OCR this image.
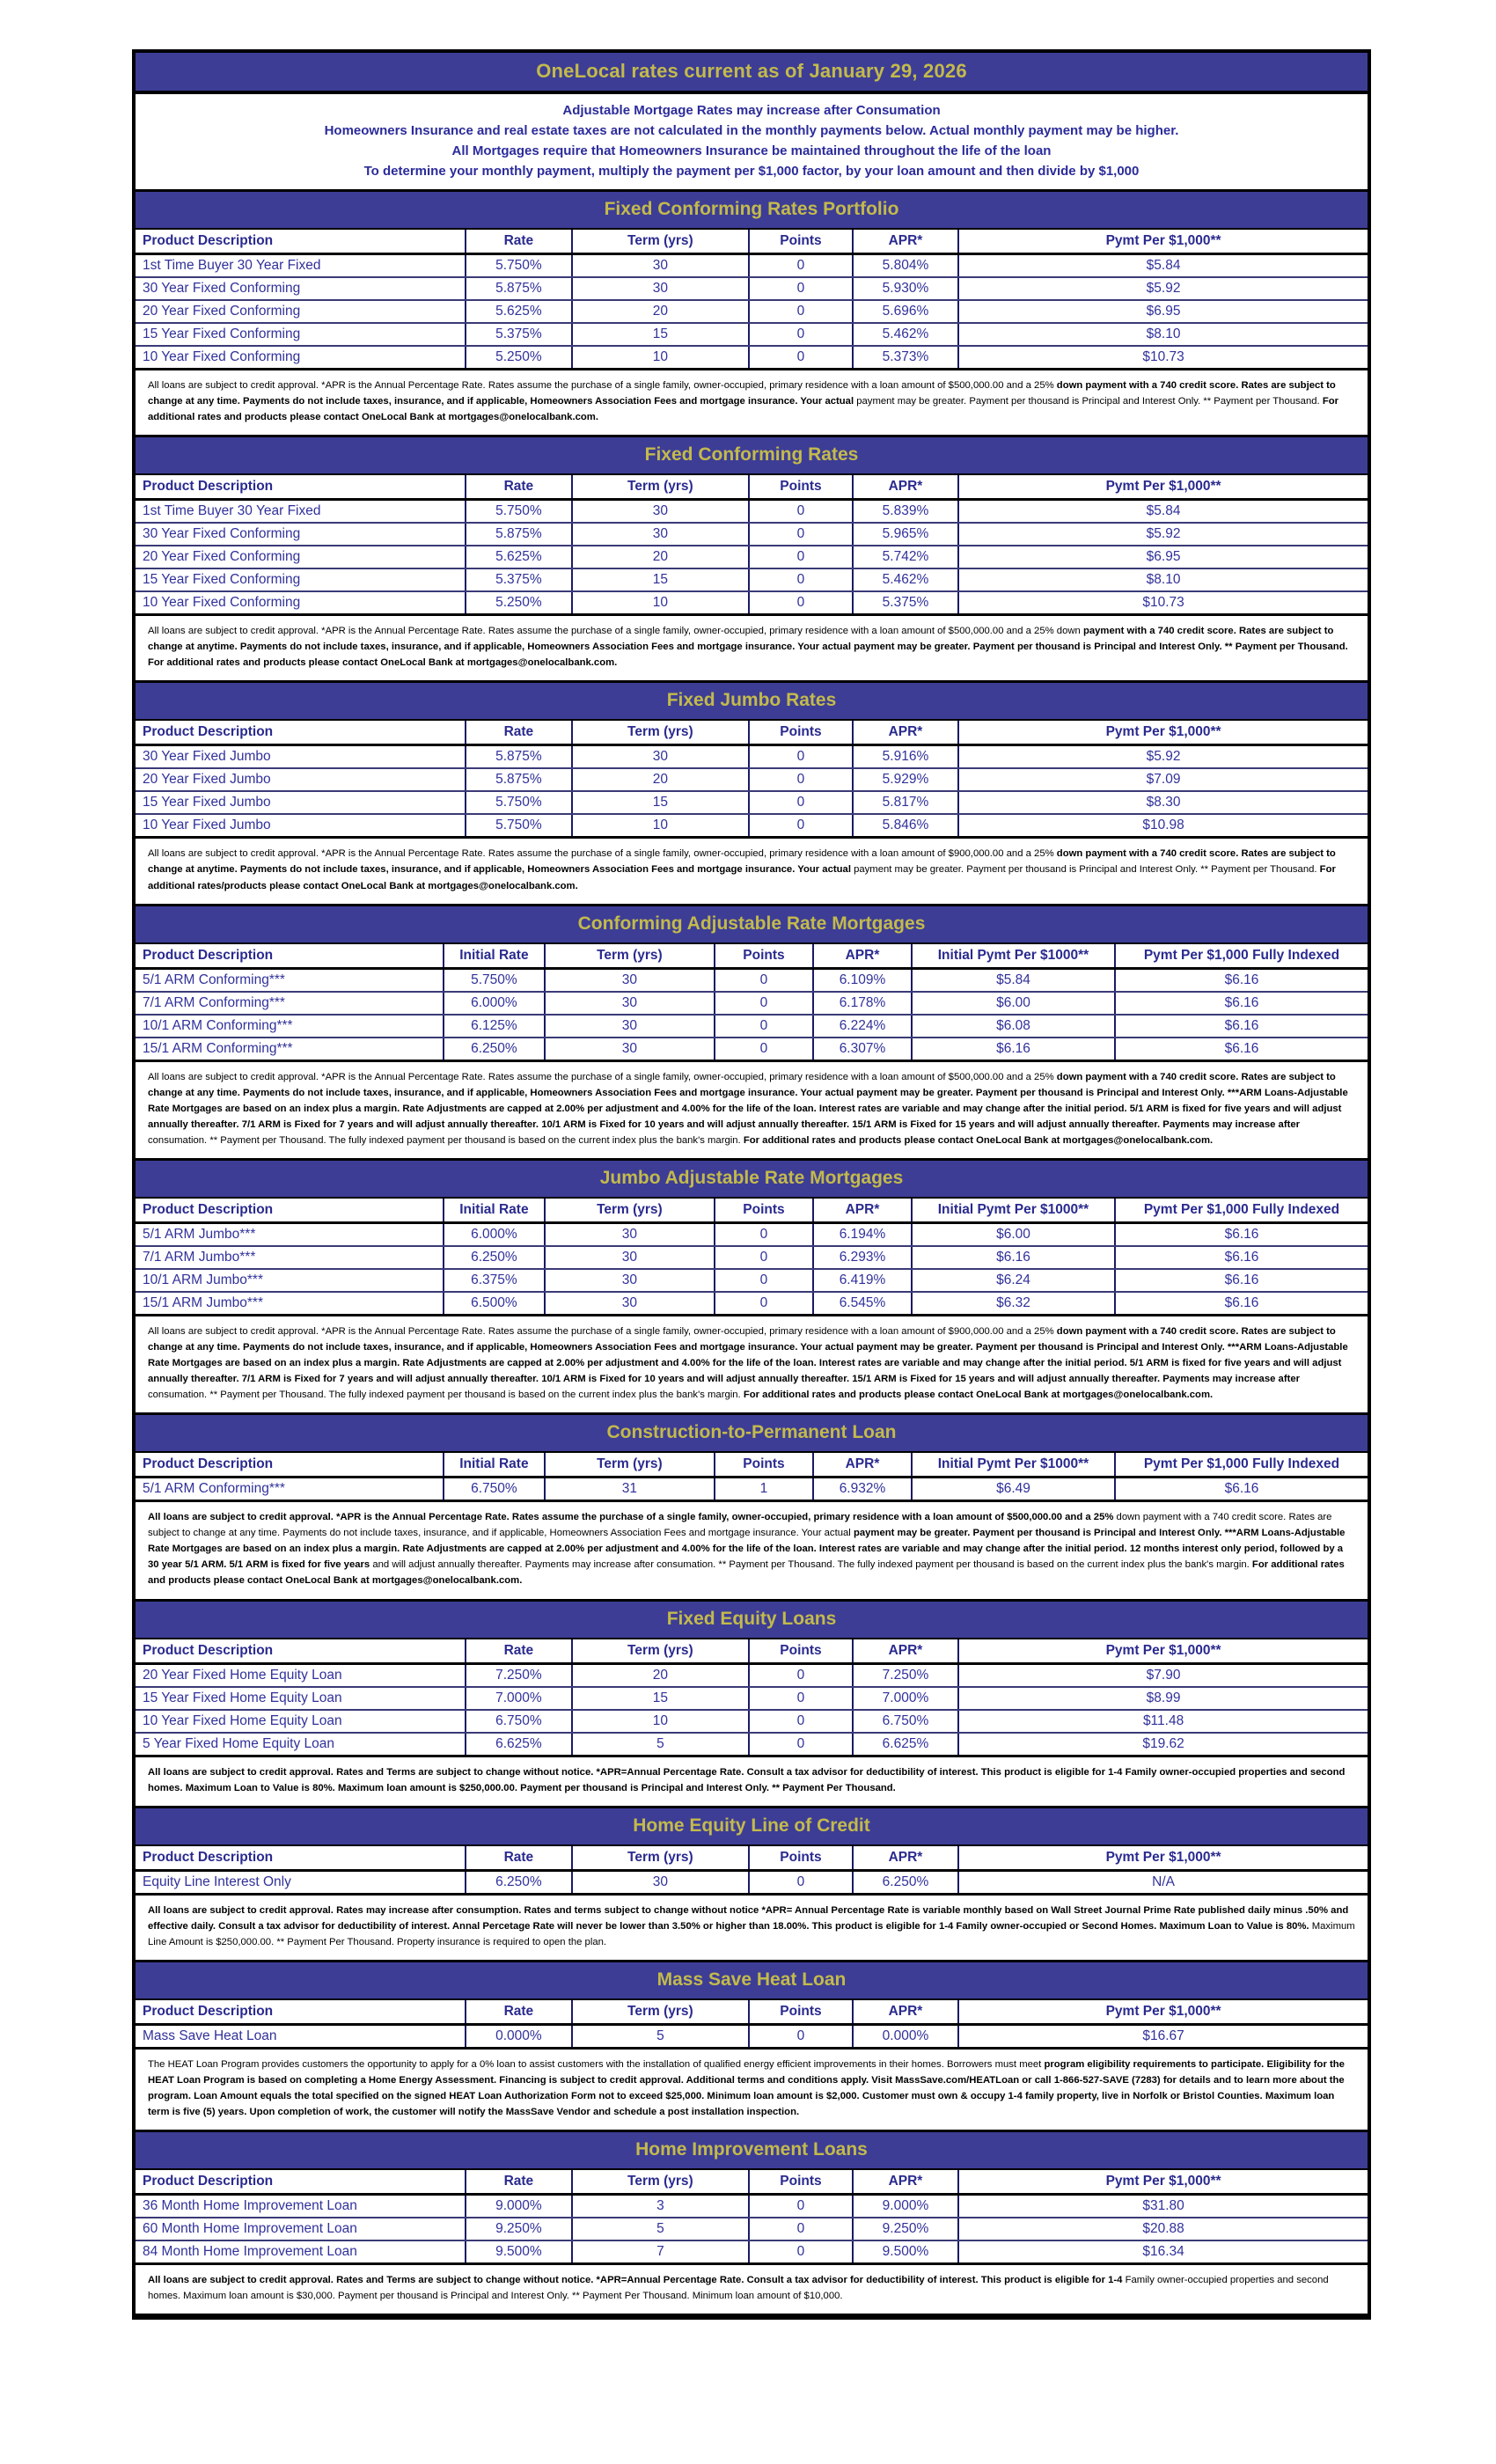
OneLocal rates current as of January 29, 2026
Adjustable Mortgage Rates may increase after Consumation
Homeowners Insurance and real estate taxes are not calculated in the monthly payments below. Actual monthly payment may be higher.
All Mortgages require that Homeowners Insurance be maintained throughout the life of the loan
To determine your monthly payment, multiply the payment per $1,000 factor, by your loan amount and then divide by $1,000
Fixed Conforming Rates Portfolio
Product Description	Rate	Term (yrs)	Points	APR*	Pymt Per $1,000**
1st Time Buyer 30 Year Fixed	5.750%	30	0	5.804%	$5.84
30 Year Fixed Conforming	5.875%	30	0	5.930%	$5.92
20 Year Fixed Conforming	5.625%	20	0	5.696%	$6.95
15 Year Fixed Conforming	5.375%	15	0	5.462%	$8.10
10 Year Fixed Conforming	5.250%	10	0	5.373%	$10.73
All loans are subject to credit approval. *APR is the Annual Percentage Rate. Rates assume the purchase of a single family, owner-occupied, primary residence with a loan amount of $500,000.00 and a 25% down payment with a 740 credit score. Rates are subject to change at any time. Payments do not include taxes, insurance, and if applicable, Homeowners Association Fees and mortgage insurance. Your actual payment may be greater. Payment per thousand is Principal and Interest Only. ** Payment per Thousand. For additional rates and products please contact OneLocal Bank at mortgages@onelocalbank.com.
Fixed Conforming Rates
Product Description	Rate	Term (yrs)	Points	APR*	Pymt Per $1,000**
1st Time Buyer 30 Year Fixed	5.750%	30	0	5.839%	$5.84
30 Year Fixed Conforming	5.875%	30	0	5.965%	$5.92
20 Year Fixed Conforming	5.625%	20	0	5.742%	$6.95
15 Year Fixed Conforming	5.375%	15	0	5.462%	$8.10
10 Year Fixed Conforming	5.250%	10	0	5.375%	$10.73
All loans are subject to credit approval. *APR is the Annual Percentage Rate. Rates assume the purchase of a single family, owner-occupied, primary residence with a loan amount of $500,000.00 and a 25% down payment with a 740 credit score. Rates are subject to change at anytime. Payments do not include taxes, insurance, and if applicable, Homeowners Association Fees and mortgage insurance. Your actual payment may be greater. Payment per thousand is Principal and Interest Only. ** Payment per Thousand. For additional rates and products please contact OneLocal Bank at mortgages@onelocalbank.com.
Fixed Jumbo Rates
Product Description	Rate	Term (yrs)	Points	APR*	Pymt Per $1,000**
30 Year Fixed Jumbo	5.875%	30	0	5.916%	$5.92
20 Year Fixed Jumbo	5.875%	20	0	5.929%	$7.09
15 Year Fixed Jumbo	5.750%	15	0	5.817%	$8.30
10 Year Fixed Jumbo	5.750%	10	0	5.846%	$10.98
All loans are subject to credit approval. *APR is the Annual Percentage Rate. Rates assume the purchase of a single family, owner-occupied, primary residence with a loan amount of $900,000.00 and a 25% down payment with a 740 credit score. Rates are subject to change at anytime. Payments do not include taxes, insurance, and if applicable, Homeowners Association Fees and mortgage insurance. Your actual payment may be greater. Payment per thousand is Principal and Interest Only. ** Payment per Thousand. For additional rates/products please contact OneLocal Bank at mortgages@onelocalbank.com.
Conforming Adjustable Rate Mortgages
Product Description	Initial Rate	Term (yrs)	Points	APR*	Initial Pymt Per $1000**	Pymt Per $1,000 Fully Indexed
5/1 ARM Conforming***	5.750%	30	0	6.109%	$5.84	$6.16
7/1 ARM Conforming***	6.000%	30	0	6.178%	$6.00	$6.16
10/1 ARM Conforming***	6.125%	30	0	6.224%	$6.08	$6.16
15/1 ARM Conforming***	6.250%	30	0	6.307%	$6.16	$6.16
All loans are subject to credit approval. *APR is the Annual Percentage Rate. Rates assume the purchase of a single family, owner-occupied, primary residence with a loan amount of $500,000.00 and a 25% down payment with a 740 credit score. Rates are subject to change at any time. Payments do not include taxes, insurance, and if applicable, Homeowners Association Fees and mortgage insurance. Your actual payment may be greater. Payment per thousand is Principal and Interest Only. ***ARM Loans-Adjustable Rate Mortgages are based on an index plus a margin. Rate Adjustments are capped at 2.00% per adjustment and 4.00% for the life of the loan. Interest rates are variable and may change after the initial period. 5/1 ARM is fixed for five years and will adjust annually thereafter. 7/1 ARM is Fixed for 7 years and will adjust annually thereafter. 10/1 ARM is Fixed for 10 years and will adjust annually thereafter. 15/1 ARM is Fixed for 15 years and will adjust annually thereafter. Payments may increase after consumation. ** Payment per Thousand. The fully indexed payment per thousand is based on the current index plus the bank's margin. For additional rates and products please contact OneLocal Bank at mortgages@onelocalbank.com.
Jumbo Adjustable Rate Mortgages
Product Description	Initial Rate	Term (yrs)	Points	APR*	Initial Pymt Per $1000**	Pymt Per $1,000 Fully Indexed
5/1 ARM Jumbo***	6.000%	30	0	6.194%	$6.00	$6.16
7/1 ARM Jumbo***	6.250%	30	0	6.293%	$6.16	$6.16
10/1 ARM Jumbo***	6.375%	30	0	6.419%	$6.24	$6.16
15/1 ARM Jumbo***	6.500%	30	0	6.545%	$6.32	$6.16
All loans are subject to credit approval. *APR is the Annual Percentage Rate. Rates assume the purchase of a single family, owner-occupied, primary residence with a loan amount of $900,000.00 and a 25% down payment with a 740 credit score. Rates are subject to change at any time. Payments do not include taxes, insurance, and if applicable, Homeowners Association Fees and mortgage insurance. Your actual payment may be greater. Payment per thousand is Principal and Interest Only. ***ARM Loans-Adjustable Rate Mortgages are based on an index plus a margin. Rate Adjustments are capped at 2.00% per adjustment and 4.00% for the life of the loan. Interest rates are variable and may change after the initial period. 5/1 ARM is fixed for five years and will adjust annually thereafter. 7/1 ARM is Fixed for 7 years and will adjust annually thereafter. 10/1 ARM is Fixed for 10 years and will adjust annually thereafter. 15/1 ARM is Fixed for 15 years and will adjust annually thereafter. Payments may increase after consumation. ** Payment per Thousand. The fully indexed payment per thousand is based on the current index plus the bank's margin. For additional rates and products please contact OneLocal Bank at mortgages@onelocalbank.com.
Construction-to-Permanent Loan
Product Description	Initial Rate	Term (yrs)	Points	APR*	Initial Pymt Per $1000**	Pymt Per $1,000 Fully Indexed
5/1 ARM Conforming***	6.750%	31	1	6.932%	$6.49	$6.16
All loans are subject to credit approval. *APR is the Annual Percentage Rate. Rates assume the purchase of a single family, owner-occupied, primary residence with a loan amount of $500,000.00 and a 25% down payment with a 740 credit score. Rates are subject to change at any time. Payments do not include taxes, insurance, and if applicable, Homeowners Association Fees and mortgage insurance. Your actual payment may be greater. Payment per thousand is Principal and Interest Only. ***ARM Loans-Adjustable Rate Mortgages are based on an index plus a margin. Rate Adjustments are capped at 2.00% per adjustment and 4.00% for the life of the loan. Interest rates are variable and may change after the initial period. 12 months interest only period, followed by a 30 year 5/1 ARM. 5/1 ARM is fixed for five years and will adjust annually thereafter. Payments may increase after consumation. ** Payment per Thousand. The fully indexed payment per thousand is based on the current index plus the bank's margin. For additional rates and products please contact OneLocal Bank at mortgages@onelocalbank.com.
Fixed Equity Loans
Product Description	Rate	Term (yrs)	Points	APR*	Pymt Per $1,000**
20 Year Fixed Home Equity Loan	7.250%	20	0	7.250%	$7.90
15 Year Fixed Home Equity Loan	7.000%	15	0	7.000%	$8.99
10 Year Fixed Home Equity Loan	6.750%	10	0	6.750%	$11.48
5 Year Fixed Home Equity Loan	6.625%	5	0	6.625%	$19.62
All loans are subject to credit approval. Rates and Terms are subject to change without notice. *APR=Annual Percentage Rate. Consult a tax advisor for deductibility of interest. This product is eligible for 1-4 Family owner-occupied properties and second homes. Maximum Loan to Value is 80%. Maximum loan amount is $250,000.00. Payment per thousand is Principal and Interest Only. ** Payment Per Thousand.
Home Equity Line of Credit
Product Description	Rate	Term (yrs)	Points	APR*	Pymt Per $1,000**
Equity Line Interest Only	6.250%	30	0	6.250%	N/A
All loans are subject to credit approval. Rates may increase after consumption. Rates and terms subject to change without notice *APR= Annual Percentage Rate is variable monthly based on Wall Street Journal Prime Rate published daily minus .50% and effective daily. Consult a tax advisor for deductibility of interest. Annal Percetage Rate will never be lower than 3.50% or higher than 18.00%. This product is eligible for 1-4 Family owner-occupied or Second Homes. Maximum Loan to Value is 80%. Maximum Line Amount is $250,000.00. ** Payment Per Thousand. Property insurance is required to open the plan.
Mass Save Heat Loan
Product Description	Rate	Term (yrs)	Points	APR*	Pymt Per $1,000**
Mass Save Heat Loan	0.000%	5	0	0.000%	$16.67
The HEAT Loan Program provides customers the opportunity to apply for a 0% loan to assist customers with the installation of qualified energy efficient improvements in their homes. Borrowers must meet program eligibility requirements to participate. Eligibility for the HEAT Loan Program is based on completing a Home Energy Assessment. Financing is subject to credit approval. Additional terms and conditions apply. Visit MassSave.com/HEATLoan or call 1-866-527-SAVE (7283) for details and to learn more about the program. Loan Amount equals the total specified on the signed HEAT Loan Authorization Form not to exceed $25,000. Minimum loan amount is $2,000. Customer must own & occupy 1-4 family property, live in Norfolk or Bristol Counties. Maximum loan term is five (5) years. Upon completion of work, the customer will notify the MassSave Vendor and schedule a post installation inspection.
Home Improvement Loans
Product Description	Rate	Term (yrs)	Points	APR*	Pymt Per $1,000**
36 Month Home Improvement Loan	9.000%	3	0	9.000%	$31.80
60 Month Home Improvement Loan	9.250%	5	0	9.250%	$20.88
84 Month Home Improvement Loan	9.500%	7	0	9.500%	$16.34
All loans are subject to credit approval. Rates and Terms are subject to change without notice. *APR=Annual Percentage Rate. Consult a tax advisor for deductibility of interest. This product is eligible for 1-4 Family owner-occupied properties and second homes. Maximum loan amount is $30,000. Payment per thousand is Principal and Interest Only. ** Payment Per Thousand. Minimum loan amount of $10,000.
